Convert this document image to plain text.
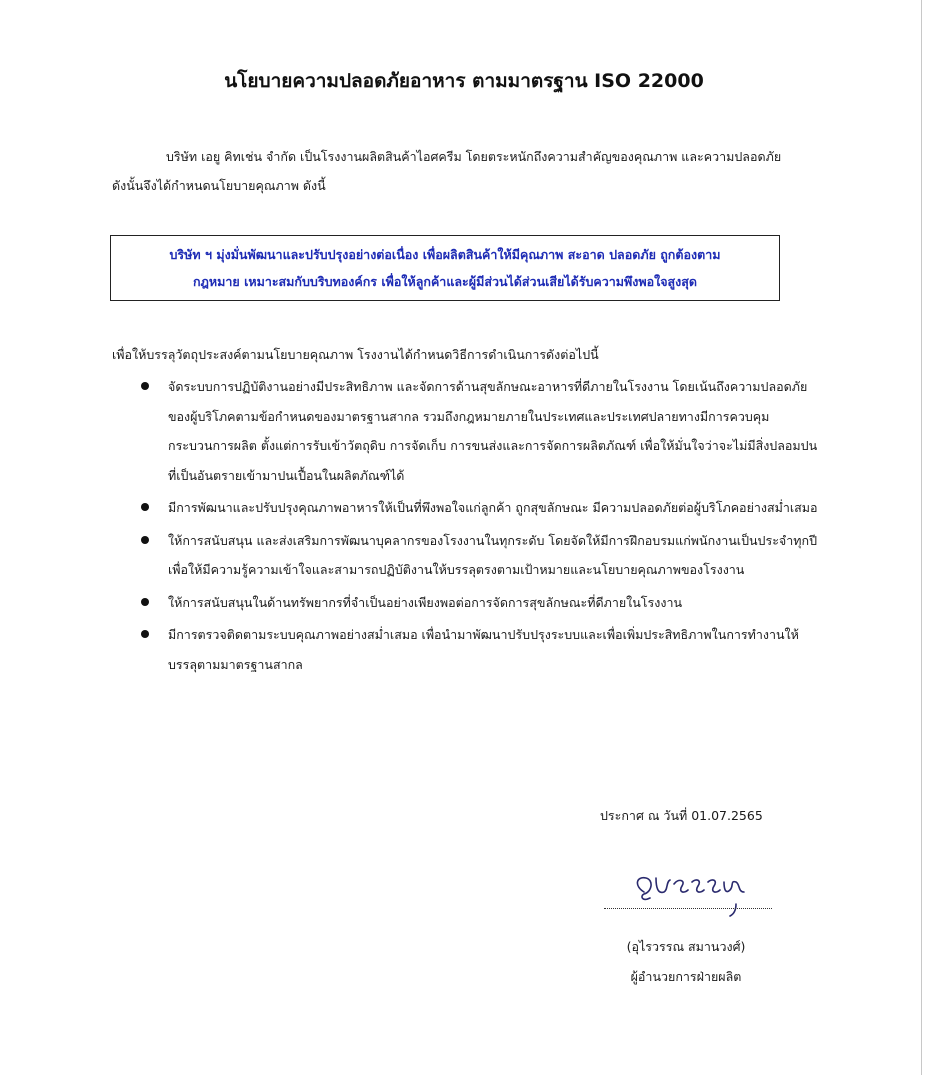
นโยบายความปลอดภัยอาหาร ตามมาตรฐาน ISO 22000
บริษัท เอยู คิทเช่น จำกัด เป็นโรงงานผลิตสินค้าไอศครีม โดยตระหนักถึงความสำคัญของคุณภาพ และความปลอดภัย ดังนั้นจึงได้กำหนดนโยบายคุณภาพ ดังนี้
บริษัท ฯ มุ่งมั่นพัฒนาและปรับปรุงอย่างต่อเนื่อง เพื่อผลิตสินค้าให้มีคุณภาพ สะอาด ปลอดภัย ถูกต้องตาม
กฎหมาย เหมาะสมกับบริบทองค์กร เพื่อให้ลูกค้าและผู้มีส่วนได้ส่วนเสียได้รับความพึงพอใจสูงสุด
เพื่อให้บรรลุวัตถุประสงค์ตามนโยบายคุณภาพ โรงงานได้กำหนดวิธีการดำเนินการดังต่อไปนี้
จัดระบบการปฏิบัติงานอย่างมีประสิทธิภาพ และจัดการด้านสุขลักษณะอาหารที่ดีภายในโรงงาน โดยเน้นถึงความปลอดภัยของผู้บริโภคตามข้อกำหนดของมาตรฐานสากล รวมถึงกฎหมายภายในประเทศและประเทศปลายทางมีการควบคุมกระบวนการผลิต ตั้งแต่การรับเข้าวัตถุดิบ การจัดเก็บ การขนส่งและการจัดการผลิตภัณฑ์ เพื่อให้มั่นใจว่าจะไม่มีสิ่งปลอมปนที่เป็นอันตรายเข้ามาปนเปื้อนในผลิตภัณฑ์ได้
มีการพัฒนาและปรับปรุงคุณภาพอาหารให้เป็นที่พึงพอใจแก่ลูกค้า ถูกสุขลักษณะ มีความปลอดภัยต่อผู้บริโภคอย่างสม่ำเสมอ
ให้การสนับสนุน และส่งเสริมการพัฒนาบุคลากรของโรงงานในทุกระดับ โดยจัดให้มีการฝึกอบรมแก่พนักงานเป็นประจำทุกปี เพื่อให้มีความรู้ความเข้าใจและสามารถปฏิบัติงานให้บรรลุตรงตามเป้าหมายและนโยบายคุณภาพของโรงงาน
ให้การสนับสนุนในด้านทรัพยากรที่จำเป็นอย่างเพียงพอต่อการจัดการสุขลักษณะที่ดีภายในโรงงาน
มีการตรวจติดตามระบบคุณภาพอย่างสม่ำเสมอ เพื่อนำมาพัฒนาปรับปรุงระบบและเพื่อเพิ่มประสิทธิภาพในการทำงานให้บรรลุตามมาตรฐานสากล
ประกาศ ณ วันที่ 01.07.2565
(อุไรวรรณ สมานวงศ์)
ผู้อำนวยการฝ่ายผลิต
